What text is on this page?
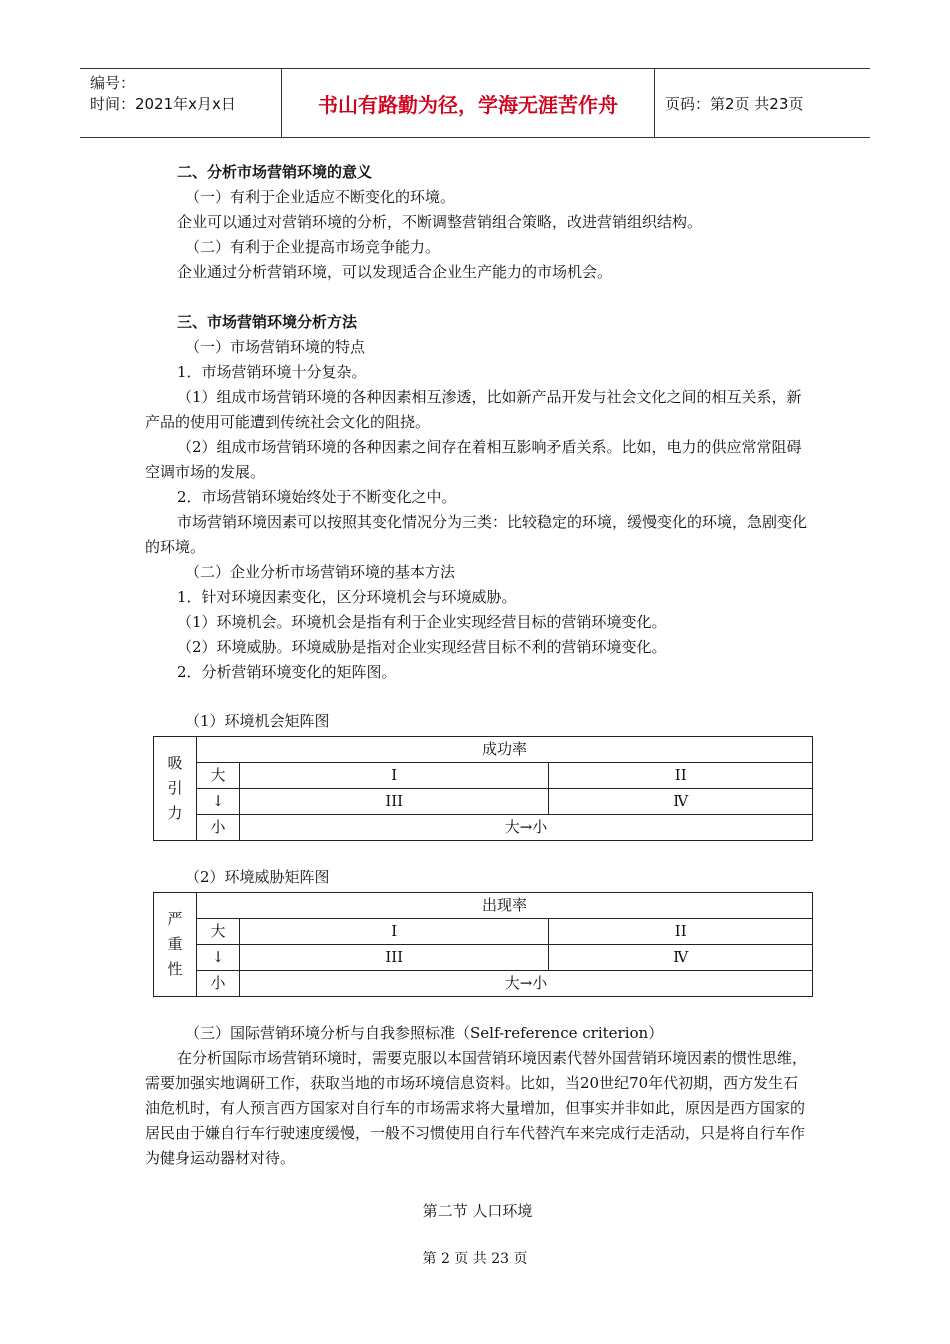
编号：
时间：2021年x月x日	书山有路勤为径，学海无涯苦作舟	页码：第2页 共23页

二、分析市场营销环境的意义

（一）有利于企业适应不断变化的环境。

企业可以通过对营销环境的分析，不断调整营销组合策略，改进营销组织结构。

（二）有利于企业提高市场竞争能力。

企业通过分析营销环境，可以发现适合企业生产能力的市场机会。

三、市场营销环境分析方法

（一）市场营销环境的特点

1．市场营销环境十分复杂。

（1）组成市场营销环境的各种因素相互渗透，比如新产品开发与社会文化之间的相互关系，新产品的使用可能遭到传统社会文化的阻挠。

（2）组成市场营销环境的各种因素之间存在着相互影响矛盾关系。比如，电力的供应常常阻碍空调市场的发展。

2．市场营销环境始终处于不断变化之中。

市场营销环境因素可以按照其变化情况分为三类：比较稳定的环境，缓慢变化的环境，急剧变化的环境。

（二）企业分析市场营销环境的基本方法

1．针对环境因素变化，区分环境机会与环境威胁。

（1）环境机会。环境机会是指有利于企业实现经营目标的营销环境变化。

（2）环境威胁。环境威胁是指对企业实现经营目标不利的营销环境变化。

2．分析营销环境变化的矩阵图。

（1）环境机会矩阵图

吸
引
力	成功率		
	大	I	II
	↓	III	Ⅳ
	小	大→小	

（2）环境威胁矩阵图

严
重
性	出现率		
	大	I	II
	↓	III	Ⅳ
	小	大→小	

（三）国际营销环境分析与自我参照标准（Self-reference criterion）

在分析国际市场营销环境时，需要克服以本国营销环境因素代替外国营销环境因素的惯性思维，需要加强实地调研工作，获取当地的市场环境信息资料。比如，当20世纪70年代初期，西方发生石油危机时，有人预言西方国家对自行车的市场需求将大量增加，但事实并非如此，原因是西方国家的居民由于嫌自行车行驶速度缓慢，一般不习惯使用自行车代替汽车来完成行走活动，只是将自行车作为健身运动器材对待。

第二节 人口环境

第 2 页 共 23 页
